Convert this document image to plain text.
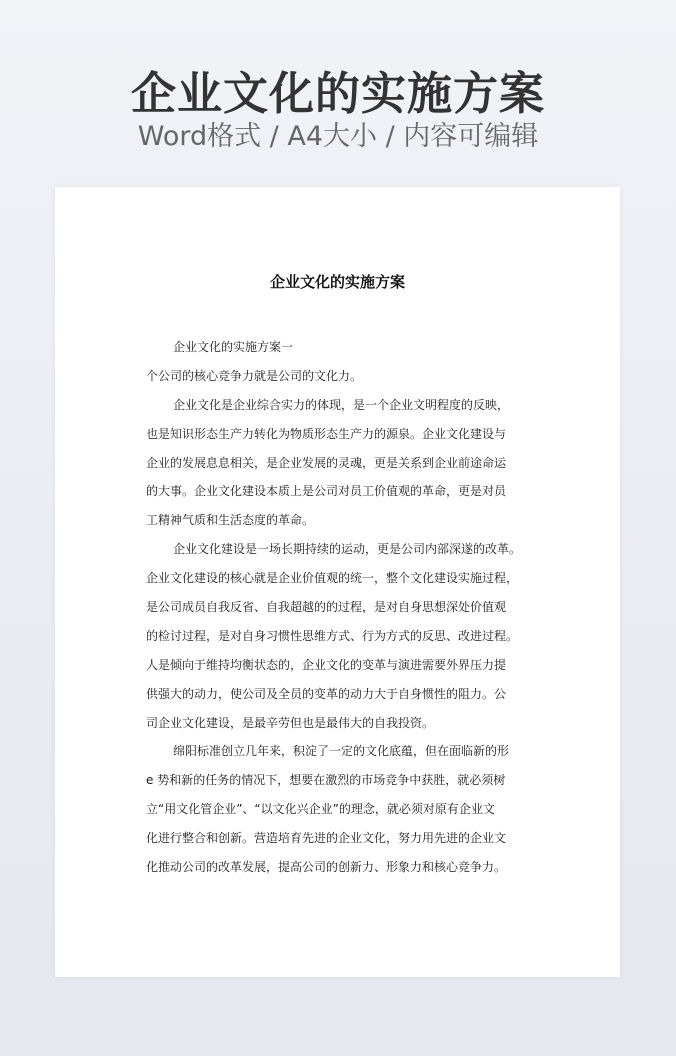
企业文化的实施方案

Word格式 / A4大小 / 内容可编辑

企业文化的实施方案
企业文化的实施方案一
个公司的核心竞争力就是公司的文化力。
企业文化是企业综合实力的体现，是一个企业文明程度的反映，
也是知识形态生产力转化为物质形态生产力的源泉。企业文化建设与
企业的发展息息相关，是企业发展的灵魂，更是关系到企业前途命运
的大事。企业文化建设本质上是公司对员工价值观的革命，更是对员
工精神气质和生活态度的革命。
企业文化建设是一场长期持续的运动，更是公司内部深遂的改革。
企业文化建设的核心就是企业价值观的统一，整个文化建设实施过程，
是公司成员自我反省、自我超越的的过程，是对自身思想深处价值观
的检讨过程，是对自身习惯性思维方式、行为方式的反思、改进过程。
人是倾向于维持均衡状态的，企业文化的变革与演进需要外界压力提
供强大的动力，使公司及全员的变革的动力大于自身惯性的阻力。公
司企业文化建设，是最辛劳但也是最伟大的自我投资。
绵阳标准创立几年来，积淀了一定的文化底蕴，但在面临新的形
e 势和新的任务的情况下，想要在激烈的市场竞争中获胜，就必须树
立“用文化管企业”、“以文化兴企业”的理念，就必须对原有企业文
化进行整合和创新。营造培育先进的企业文化，努力用先进的企业文
化推动公司的改革发展，提高公司的创新力、形象力和核心竞争力。
